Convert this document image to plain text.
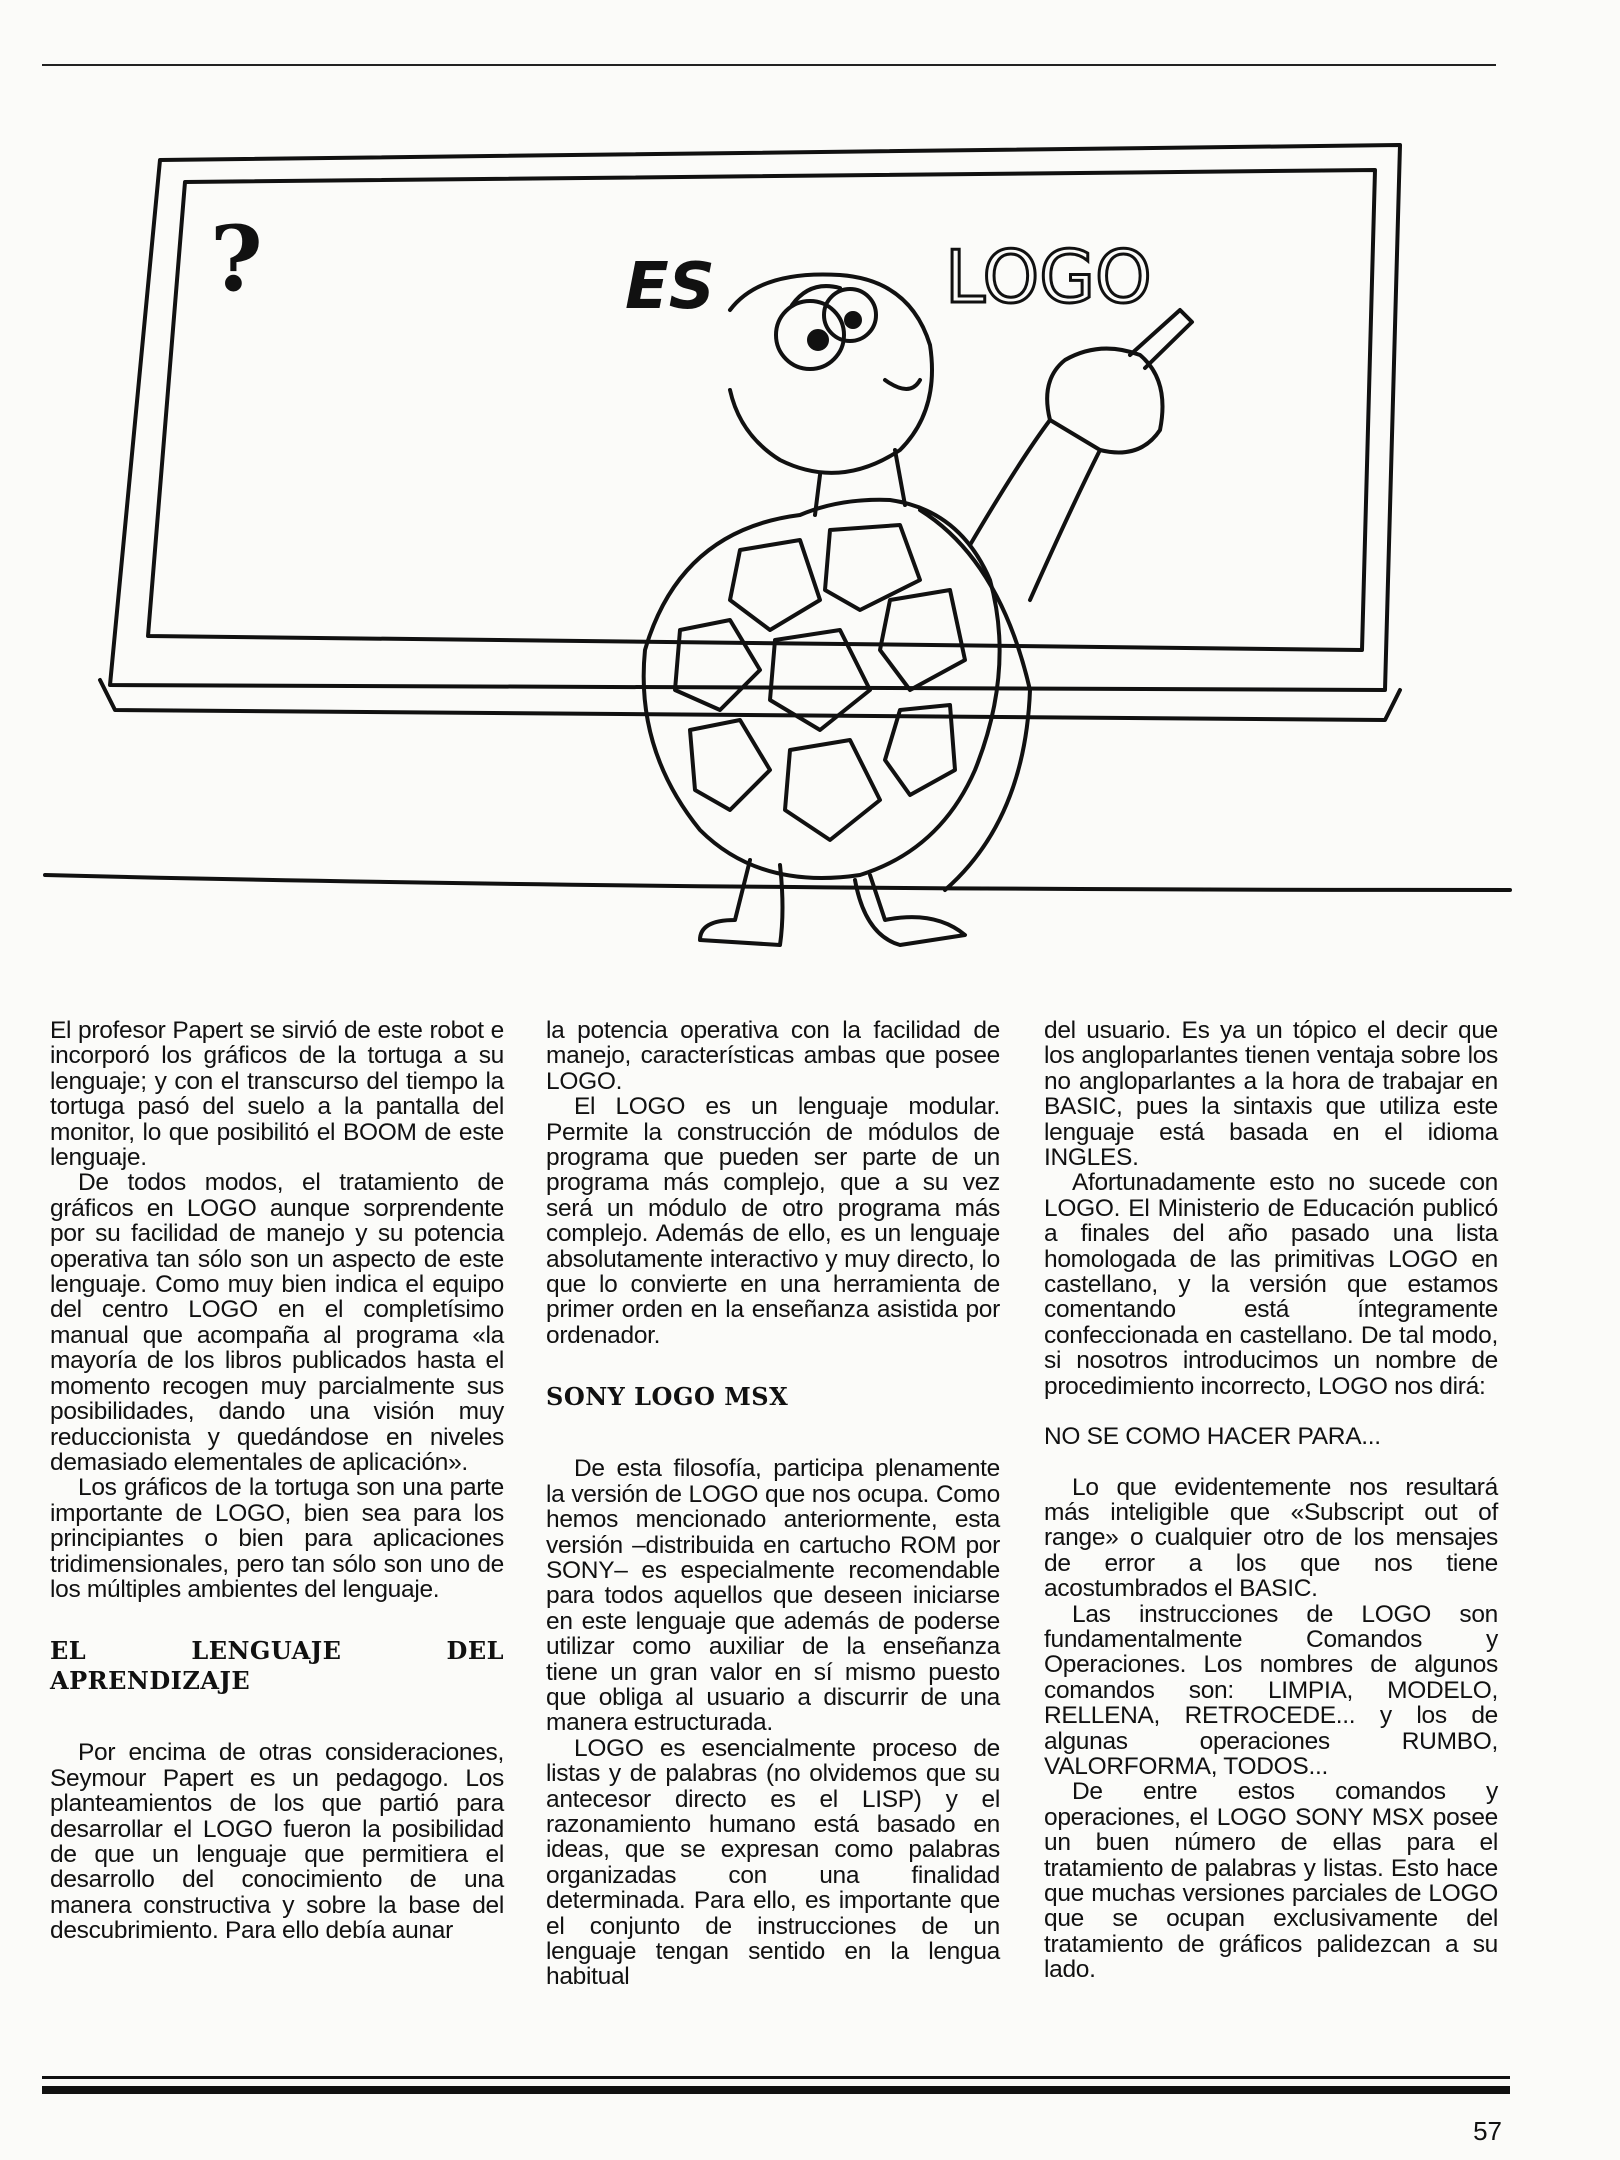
?	ES	LOGO

El profesor Papert se sirvió de este robot e incorporó los gráficos de la tortuga a su lenguaje; y con el transcurso del tiempo la tortuga pasó del suelo a la pantalla del monitor, lo que posibilitó el BOOM de este lenguaje.

De todos modos, el tratamiento de gráficos en LOGO aunque sorprendente por su facilidad de manejo y su potencia operativa tan sólo son un aspecto de este lenguaje. Como muy bien indica el equipo del centro LOGO en el completísimo manual que acompaña al programa «la mayoría de los libros publicados hasta el momento recogen muy parcialmente sus posibilidades, dando una visión muy reduccionista y quedándose en niveles demasiado elementales de aplicación».

Los gráficos de la tortuga son una parte importante de LOGO, bien sea para los principiantes o bien para aplicaciones tridimensionales, pero tan sólo son uno de los múltiples ambientes del lenguaje.

EL LENGUAJE DEL APRENDIZAJE

Por encima de otras consideraciones, Seymour Papert es un pedagogo. Los planteamientos de los que partió para desarrollar el LOGO fueron la posibilidad de que un lenguaje que permitiera el desarrollo del conocimiento de una manera constructiva y sobre la base del descubrimiento. Para ello debía aunar

la potencia operativa con la facilidad de manejo, características ambas que posee LOGO.

El LOGO es un lenguaje modular. Permite la construcción de módulos de programa que pueden ser parte de un programa más complejo, que a su vez será un módulo de otro programa más complejo. Además de ello, es un lenguaje absolutamente interactivo y muy directo, lo que lo convierte en una herramienta de primer orden en la enseñanza asistida por ordenador.

SONY LOGO MSX

De esta filosofía, participa plenamente la versión de LOGO que nos ocupa. Como hemos mencionado anteriormente, esta versión –distribuida en cartucho ROM por SONY– es especialmente recomendable para todos aquellos que deseen iniciarse en este lenguaje que además de poderse utilizar como auxiliar de la enseñanza tiene un gran valor en sí mismo puesto que obliga al usuario a discurrir de una manera estructurada.

LOGO es esencialmente proceso de listas y de palabras (no olvidemos que su antecesor directo es el LISP) y el razonamiento humano está basado en ideas, que se expresan como palabras organizadas con una finalidad determinada. Para ello, es importante que el conjunto de instrucciones de un lenguaje tengan sentido en la lengua habitual

del usuario. Es ya un tópico el decir que los angloparlantes tienen ventaja sobre los no angloparlantes a la hora de trabajar en BASIC, pues la sintaxis que utiliza este lenguaje está basada en el idioma INGLES.

Afortunadamente esto no sucede con LOGO. El Ministerio de Educación publicó a finales del año pasado una lista homologada de las primitivas LOGO en castellano, y la versión que estamos comentando está íntegramente confeccionada en castellano. De tal modo, si nosotros introducimos un nombre de procedimiento incorrecto, LOGO nos dirá:

NO SE COMO HACER PARA...

Lo que evidentemente nos resultará más inteligible que «Subscript out of range» o cualquier otro de los mensajes de error a los que nos tiene acostumbrados el BASIC.

Las instrucciones de LOGO son fundamentalmente Comandos y Operaciones. Los nombres de algunos comandos son: LIMPIA, MODELO, RELLENA, RETROCEDE... y los de algunas operaciones RUMBO, VALORFORMA, TODOS...

De entre estos comandos y operaciones, el LOGO SONY MSX posee un buen número de ellas para el tratamiento de palabras y listas. Esto hace que muchas versiones parciales de LOGO que se ocupan exclusivamente del tratamiento de gráficos palidezcan a su lado.

57
